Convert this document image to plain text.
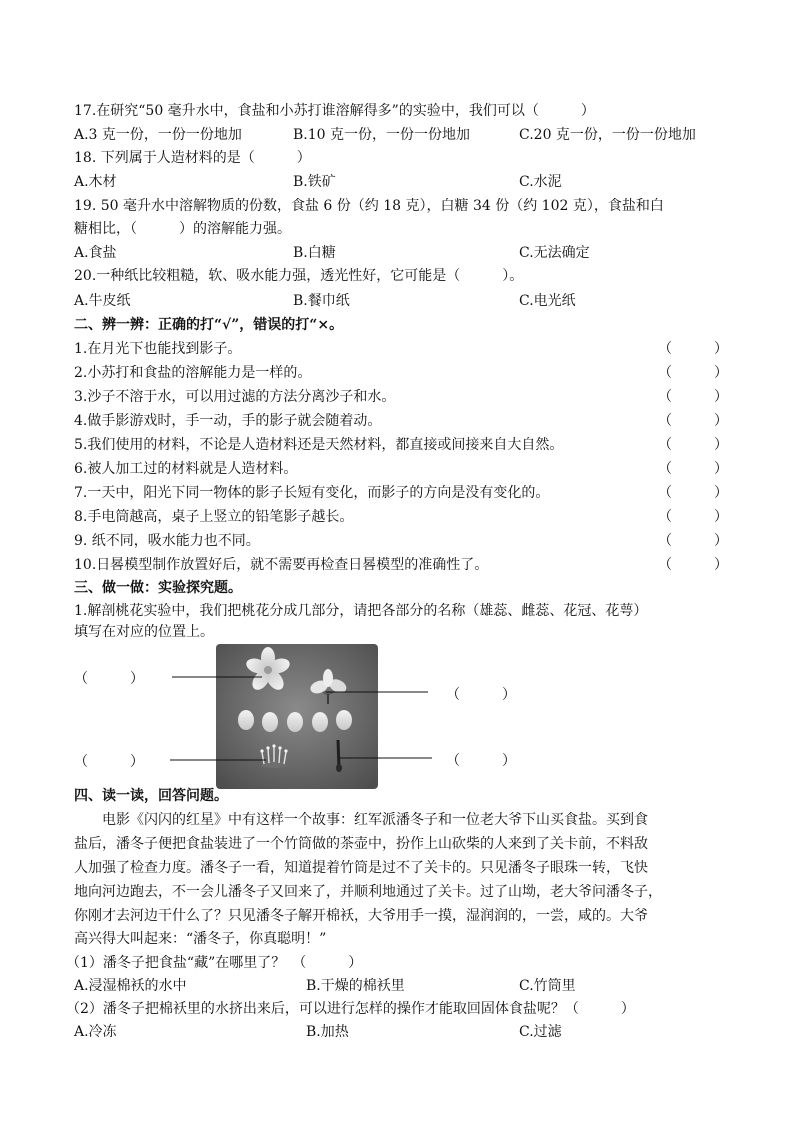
17.在研究“50 毫升水中，食盐和小苏打谁溶解得多”的实验中，我们可以（　　　）
A.3 克一份，一份一份地加	B.10 克一份，一份一份地加	C.20 克一份，一份一份地加
18. 下列属于人造材料的是（　　　）
A.木材	B.铁矿	C.水泥
19. 50 毫升水中溶解物质的份数，食盐 6 份（约 18 克），白糖 34 份（约 102 克），食盐和白
糖相比，（　　　）的溶解能力强。
A.食盐	B.白糖	C.无法确定
20.一种纸比较粗糙，软、吸水能力强，透光性好，它可能是（　　　）。
A.牛皮纸	B.餐巾纸	C.电光纸
二、辨一辨：正确的打“√”，错误的打“×。
1.在月光下也能找到影子。	（	）
2.小苏打和食盐的溶解能力是一样的。	（	）
3.沙子不溶于水，可以用过滤的方法分离沙子和水。	（	）
4.做手影游戏时，手一动，手的影子就会随着动。	（	）
5.我们使用的材料，不论是人造材料还是天然材料，都直接或间接来自大自然。	（	）
6.被人加工过的材料就是人造材料。	（	）
7.一天中，阳光下同一物体的影子长短有变化，而影子的方向是没有变化的。	（	）
8.手电筒越高，桌子上竖立的铅笔影子越长。	（	）
9. 纸不同，吸水能力也不同。	（	）
10.日晷模型制作放置好后，就不需要再检查日晷模型的准确性了。	（	）
三、做一做：实验探究题。
1.解剖桃花实验中，我们把桃花分成几部分，请把各部分的名称（雄蕊、雌蕊、花冠、花萼）
填写在对应的位置上。
（　　　）
（　　　）
（　　　）	（　　　）
四、读一读，回答问题。
电影《闪闪的红星》中有这样一个故事：红军派潘冬子和一位老大爷下山买食盐。买到食
盐后，潘冬子便把食盐装进了一个竹筒做的茶壶中，扮作上山砍柴的人来到了关卡前，不料敌
人加强了检查力度。潘冬子一看，知道提着竹筒是过不了关卡的。只见潘冬子眼珠一转，飞快
地向河边跑去，不一会儿潘冬子又回来了，并顺利地通过了关卡。过了山坳，老大爷问潘冬子，
你刚才去河边干什么了？只见潘冬子解开棉袄，大爷用手一摸，湿润润的，一尝，咸的。大爷
高兴得大叫起来：“潘冬子，你真聪明！”
（1）潘冬子把食盐“藏”在哪里了？　（　　　）
A.浸湿棉袄的水中	B.干燥的棉袄里	C.竹筒里
（2）潘冬子把棉袄里的水挤出来后，可以进行怎样的操作才能取回固体食盐呢？（　　　）
A.冷冻	B.加热	C.过滤
